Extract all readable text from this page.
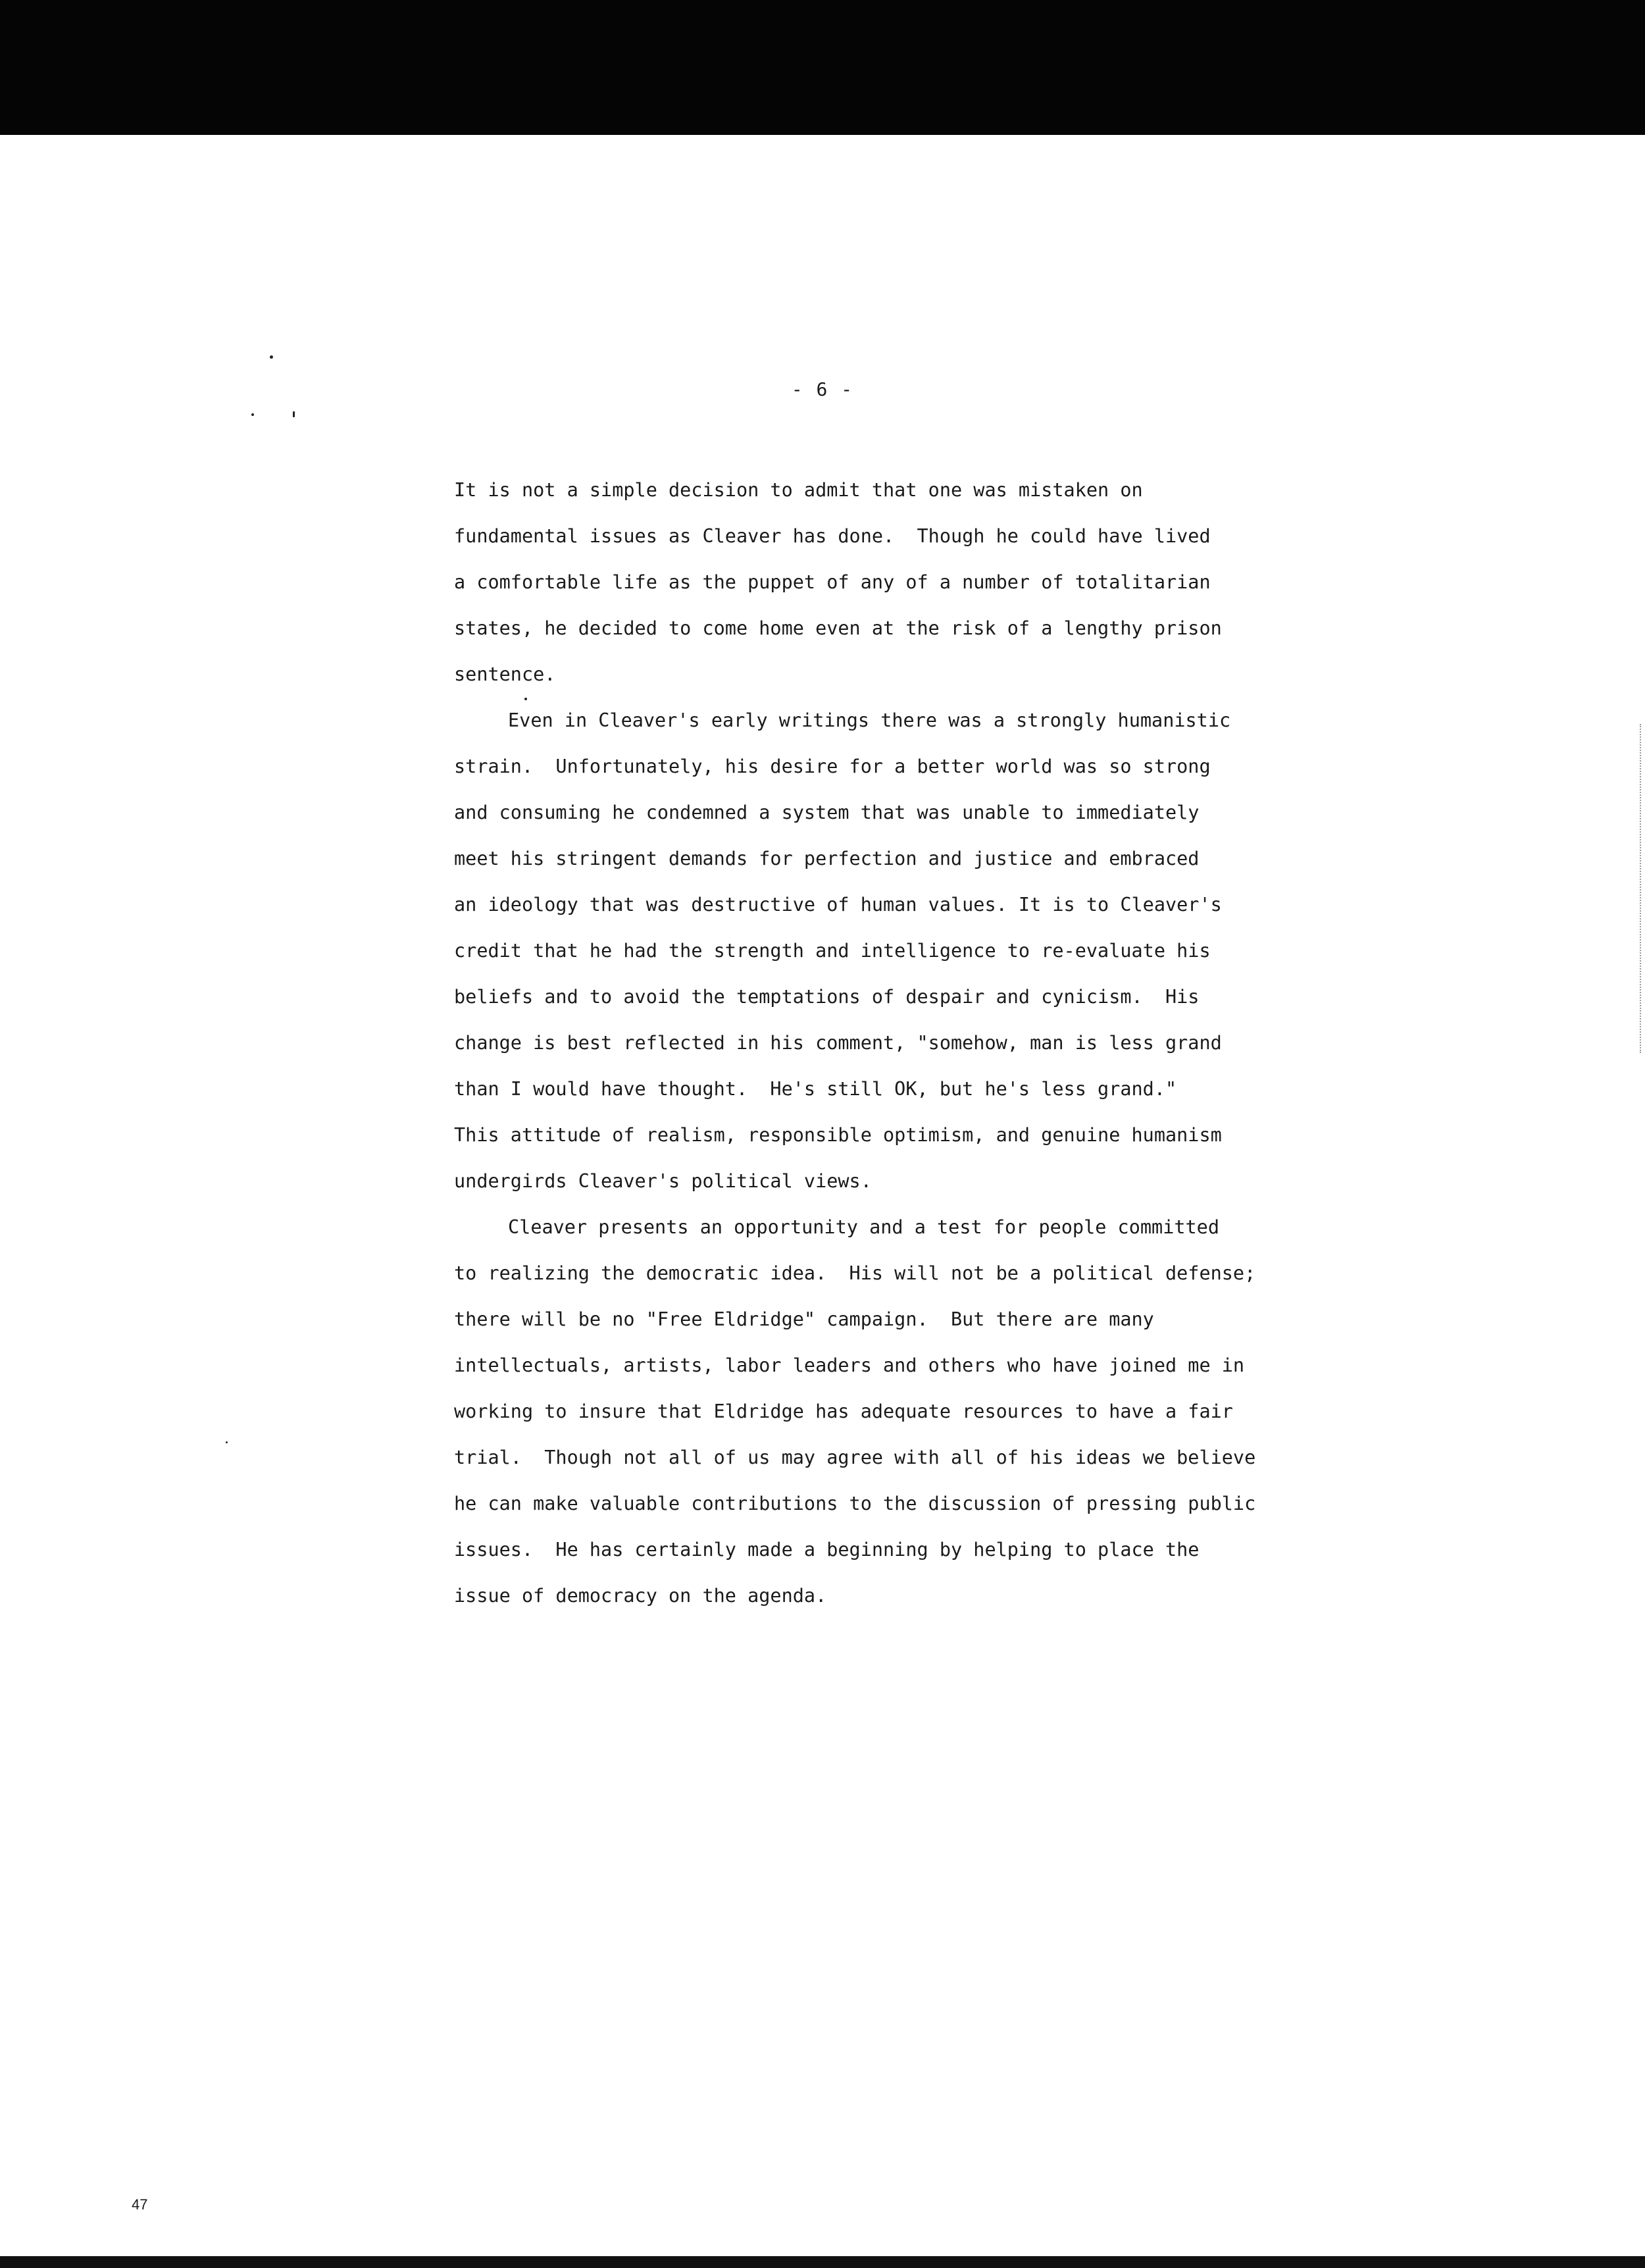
- 6 -
It is not a simple decision to admit that one was mistaken on
fundamental issues as Cleaver has done.  Though he could have lived
a comfortable life as the puppet of any of a number of totalitarian
states, he decided to come home even at the risk of a lengthy prison
sentence.
Even in Cleaver's early writings there was a strongly humanistic
strain.  Unfortunately, his desire for a better world was so strong
and consuming he condemned a system that was unable to immediately
meet his stringent demands for perfection and justice and embraced
an ideology that was destructive of human values. It is to Cleaver's
credit that he had the strength and intelligence to re-evaluate his
beliefs and to avoid the temptations of despair and cynicism.  His
change is best reflected in his comment, "somehow, man is less grand
than I would have thought.  He's still OK, but he's less grand."
This attitude of realism, responsible optimism, and genuine humanism
undergirds Cleaver's political views.
Cleaver presents an opportunity and a test for people committed
to realizing the democratic idea.  His will not be a political defense;
there will be no "Free Eldridge" campaign.  But there are many
intellectuals, artists, labor leaders and others who have joined me in
working to insure that Eldridge has adequate resources to have a fair
trial.  Though not all of us may agree with all of his ideas we believe
he can make valuable contributions to the discussion of pressing public
issues.  He has certainly made a beginning by helping to place the
issue of democracy on the agenda.
47
